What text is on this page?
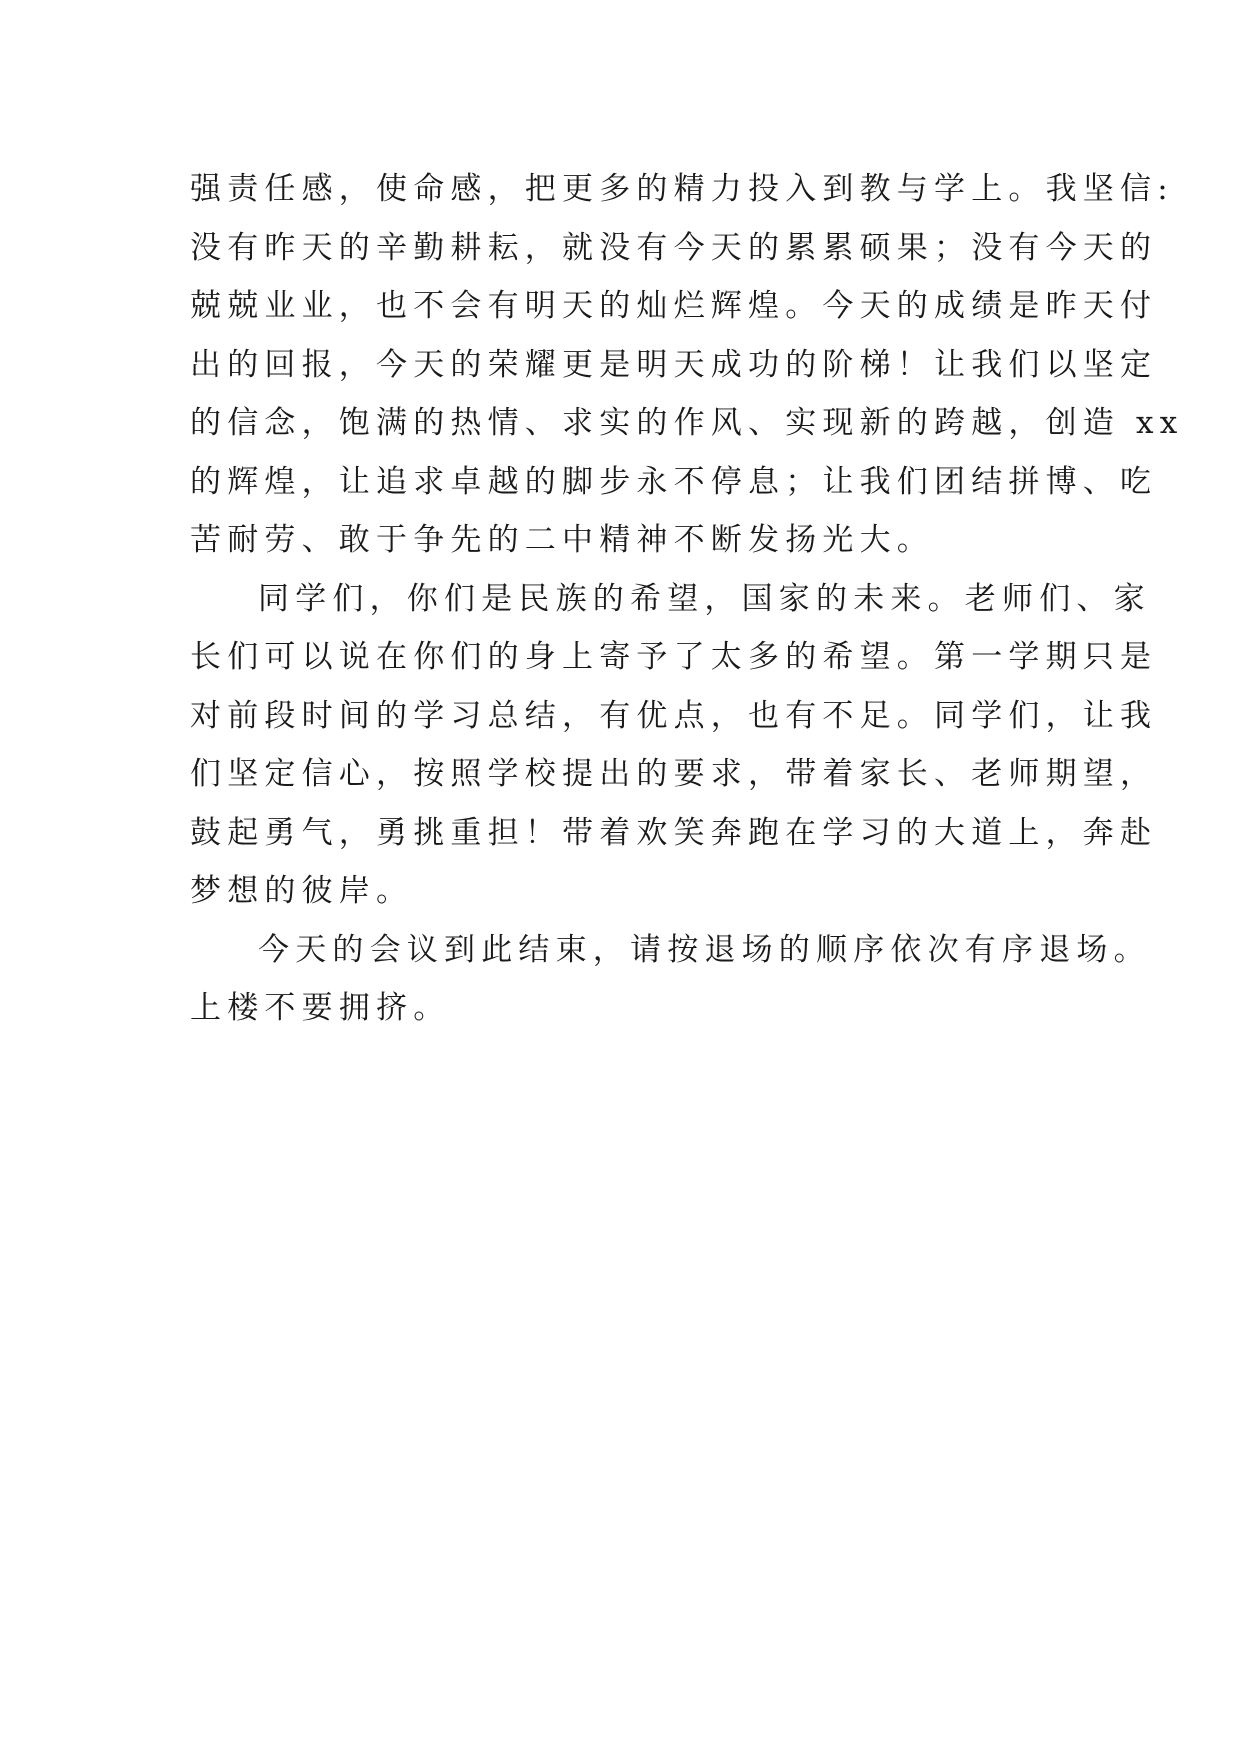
强责任感，使命感，把更多的精力投入到教与学上。我坚信:
没有昨天的辛勤耕耘，就没有今天的累累硕果；没有今天的
兢兢业业，也不会有明天的灿烂辉煌。今天的成绩是昨天付
出的回报，今天的荣耀更是明天成功的阶梯！让我们以坚定
的信念，饱满的热情、求实的作风、实现新的跨越，创造 xx
的辉煌，让追求卓越的脚步永不停息；让我们团结拼博、吃
苦耐劳、敢于争先的二中精神不断发扬光大。
同学们，你们是民族的希望，国家的未来。老师们、家
长们可以说在你们的身上寄予了太多的希望。第一学期只是
对前段时间的学习总结，有优点，也有不足。同学们，让我
们坚定信心，按照学校提出的要求，带着家长、老师期望，
鼓起勇气，勇挑重担！带着欢笑奔跑在学习的大道上，奔赴
梦想的彼岸。
今天的会议到此结束，请按退场的顺序依次有序退场。
上楼不要拥挤。
